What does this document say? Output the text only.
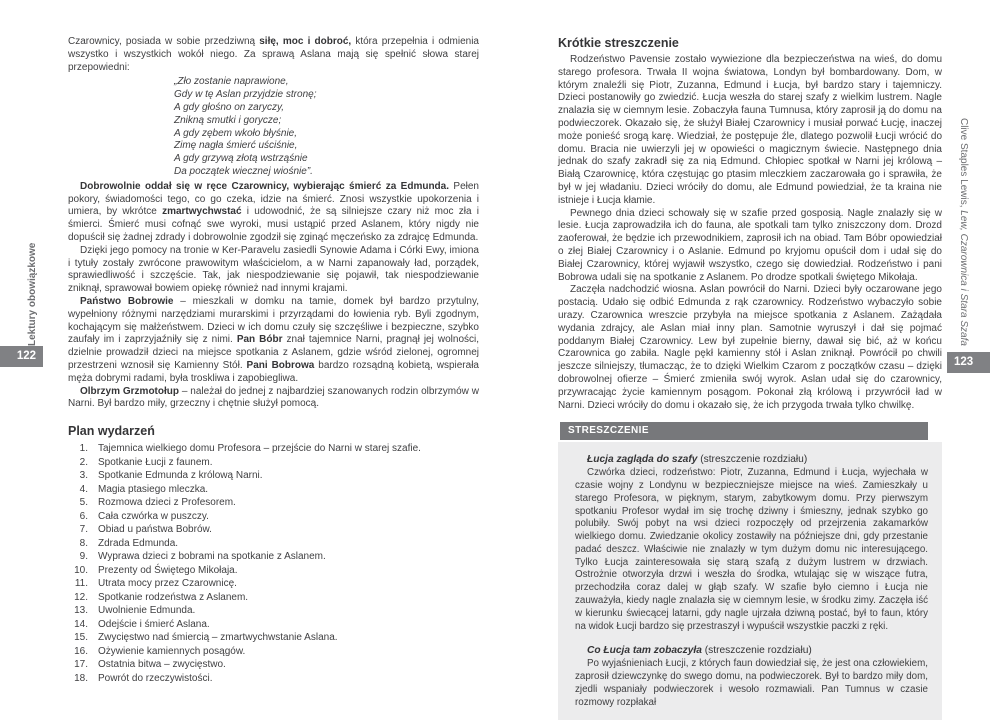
Czarownicy, posiada w sobie przedziwną siłę, moc i dobroć, która przepełnia i odmienia wszystko i wszystkich wokół niego. Za sprawą Aslana mają się spełnić słowa starej przepowiedni:

„Zło zostanie naprawione,
Gdy w tę Aslan przyjdzie stronę;
A gdy głośno on zaryczy,
Znikną smutki i gorycze;
A gdy zębem wkoło błyśnie,
Zimę nagła śmierć uściśnie,
A gdy grzywą złotą wstrząśnie
Da początek wiecznej wiośnie”.

Dobrowolnie oddał się w ręce Czarownicy, wybierając śmierć za Edmunda. Pełen pokory, świadomości tego, co go czeka, idzie na śmierć. Znosi wszystkie upokorzenia i umiera, by wkrótce zmartwychwstać i udowodnić, że są silniejsze czary niż moc zła i śmierci. Śmierć musi cofnąć swe wyroki, musi ustąpić przed Aslanem, który nigdy nie dopuścił się żadnej zdrady i dobrowolnie zgodził się zginąć męczeńsko za zdrajcę Edmunda.

Dzięki jego pomocy na tronie w Ker-Paravelu zasiedli Synowie Adama i Córki Ewy, imiona i tytuły zostały zwrócone prawowitym właścicielom, a w Narni zapanowały ład, porządek, sprawiedliwość i szczęście. Tak, jak niespodziewanie się pojawił, tak niespodziewanie zniknął, sprawował bowiem opiekę również nad innymi krajami.

Państwo Bobrowie – mieszkali w domku na tamie, domek był bardzo przytulny, wypełniony różnymi narzędziami murarskimi i przyrządami do łowienia ryb. Byli zgodnym, kochającym się małżeństwem. Dzieci w ich domu czuły się szczęśliwe i bezpieczne, szybko zaufały im i zaprzyjaźniły się z nimi. Pan Bóbr znał tajemnice Narni, pragnął jej wolności, dzielnie prowadził dzieci na miejsce spotkania z Aslanem, gdzie wśród zielonej, ogromnej przestrzeni wznosił się Kamienny Stół. Pani Bobrowa bardzo rozsądną kobietą, wspierała męża dobrymi radami, była troskliwa i zapobiegliwa.

Olbrzym Grzmotołup – należał do jednej z najbardziej szanowanych rodzin olbrzymów w Narni. Był bardzo miły, grzeczny i chętnie służył pomocą.

Plan wydarzeń
Tajemnica wielkiego domu Profesora – przejście do Narni w starej szafie.
Spotkanie Łucji z faunem.
Spotkanie Edmunda z królową Narni.
Magia ptasiego mleczka.
Rozmowa dzieci z Profesorem.
Cała czwórka w puszczy.
Obiad u państwa Bobrów.
Zdrada Edmunda.
Wyprawa dzieci z bobrami na spotkanie z Aslanem.
Prezenty od Świętego Mikołaja.
Utrata mocy przez Czarownicę.
Spotkanie rodzeństwa z Aslanem.
Uwolnienie Edmunda.
Odejście i śmierć Aslana.
Zwycięstwo nad śmiercią – zmartwychwstanie Aslana.
Ożywienie kamiennych posągów.
Ostatnia bitwa – zwycięstwo.
Powrót do rzeczywistości.
Krótkie streszczenie

Rodzeństwo Pavensie zostało wywiezione dla bezpieczeństwa na wieś, do domu starego profesora. Trwała II wojna światowa, Londyn był bombardowany. Dom, w którym znaleźli się Piotr, Zuzanna, Edmund i Łucja, był bardzo stary i tajemniczy. Dzieci postanowiły go zwiedzić. Łucja weszła do starej szafy z wielkim lustrem. Nagle znalazła się w ciemnym lesie. Zobaczyła fauna Tumnusa, który zaprosił ją do domu na podwieczorek. Okazało się, że służył Białej Czarownicy i musiał porwać Łucję, inaczej może ponieść srogą karę. Wiedział, że postępuje źle, dlatego pozwolił Łucji wrócić do domu. Bracia nie uwierzyli jej w opowieści o magicznym świecie. Następnego dnia jednak do szafy zakradł się za nią Edmund. Chłopiec spotkał w Narni jej królową – Białą Czarownicę, która częstując go ptasim mleczkiem zaczarowała go i sprawiła, że był w jej władaniu. Dzieci wróciły do domu, ale Edmund powiedział, że ta kraina nie istnieje i Łucja kłamie.

Pewnego dnia dzieci schowały się w szafie przed gosposią. Nagle znalazły się w lesie. Łucja zaprowadziła ich do fauna, ale spotkali tam tylko zniszczony dom. Drozd zaoferował, że będzie ich przewodnikiem, zaprosił ich na obiad. Tam Bóbr opowiedział o złej Białej Czarownicy i o Aslanie. Edmund po kryjomu opuścił dom i udał się do Białej Czarownicy, której wyjawił wszystko, czego się dowiedział. Rodzeństwo i pani Bobrowa udali się na spotkanie z Aslanem. Po drodze spotkali świętego Mikołaja.

Zaczęła nadchodzić wiosna. Aslan powrócił do Narni. Dzieci były oczarowane jego postacią. Udało się odbić Edmunda z rąk czarownicy. Rodzeństwo wybaczyło sobie urazy. Czarownica wreszcie przybyła na miejsce spotkania z Aslanem. Zażądała wydania zdrajcy, ale Aslan miał inny plan. Samotnie wyruszył i dał się pojmać poddanym Białej Czarownicy. Lew był zupełnie bierny, dawał się bić, aż w końcu Czarownica go zabiła. Nagle pękł kamienny stół i Aslan zniknął. Powrócił po chwili jeszcze silniejszy, tłumacząc, że to dzięki Wielkim Czarom z początków czasu – dzięki dobrowolnej ofierze – Śmierć zmieniła swój wyrok. Aslan udał się do czarownicy, przywracając życie kamiennym posągom. Pokonał złą królową i przywrócił ład w Narni. Dzieci wróciły do domu i okazało się, że ich przygoda trwała tylko chwilkę.

STRESZCZENIE

Łucja zagląda do szafy (streszczenie rozdziału)

Czwórka dzieci, rodzeństwo: Piotr, Zuzanna, Edmund i Łucja, wyjechała w czasie wojny z Londynu w bezpieczniejsze miejsce na wieś. Zamieszkały u starego Profesora, w pięknym, starym, zabytkowym domu. Przy pierwszym spotkaniu Profesor wydał im się trochę dziwny i śmieszny, jednak szybko go polubiły. Swój pobyt na wsi dzieci rozpoczęły od przejrzenia zakamarków wielkiego domu. Zwiedzanie okolicy zostawiły na późniejsze dni, gdy przestanie padać deszcz. Właściwie nie znalazły w tym dużym domu nic interesującego. Tylko Łucja zainteresowała się starą szafą z dużym lustrem w drzwiach. Ostrożnie otworzyła drzwi i weszła do środka, wtulając się w wiszące futra, przechodziła coraz dalej w głąb szafy. W szafie było ciemno i Łucja nie zauważyła, kiedy nagle znalazła się w ciemnym lesie, w środku zimy. Zaczęła iść w kierunku świecącej latarni, gdy nagle ujrzała dziwną postać, był to faun, który na widok Łucji bardzo się przestraszył i wypuścił wszystkie paczki z ręki.

Co Łucja tam zobaczyła (streszczenie rozdziału)

Po wyjaśnieniach Łucji, z których faun dowiedział się, że jest ona człowiekiem, zaprosił dziewczynkę do swego domu, na podwieczorek. Był to bardzo miły dom, zjedli wspaniały podwieczorek i wesoło rozmawiali. Pan Tumnus w czasie rozmowy rozpłakał

Lektury obowiązkowe
Clive Staples Lewis, Lew, Czarownica i Stara Szafa
122	123
